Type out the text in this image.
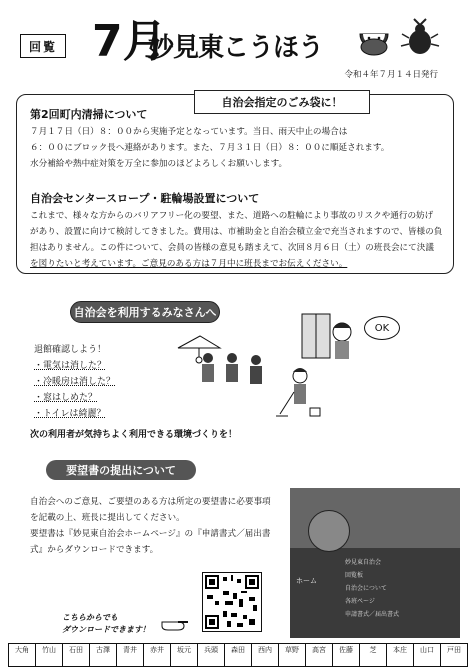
回覧 7月
妙見東こうほう
令和４年７月１４日発行
自治会指定のごみ袋に！
第2回町内清掃について
７月１７日（日）８：００から実施予定となっています。当日、雨天中止の場合は
６：００にブロック長へ連絡があります。また、７月３１日（日）８：００に順延されます。
水分補給や熱中症対策を万全に参加のほどよろしくお願いします。
自治会センタースロープ・駐輪場設置について
これまで、様々な方からのバリアフリー化の要望、また、道路への駐輪により事故のリスクや通行の妨げ
があり、設置に向けて検討してきました。費用は、市補助金と自治会積立金で充当されますので、皆様の負
担はありません。この件について、会員の皆様の意見も踏まえて、次回８月６日（土）の班長会にて決議
を図りたいと考えています。ご意見のある方は７月中に班長までお伝えください。
自治会を利用するみなさんへ
退館確認しよう！
・電気は消した？
・冷暖房は消した？
・窓はしめた？
・トイレは綺麗？
OK
次の利用者が気持ちよく利用できる環境づくりを！
要望書の提出について
自治会へのご意見、ご要望のある方は所定の要望書に必要事項
を記載の上、班長に提出してください。
要望書は『妙見東自治会ホームページ』の『申請書式／届出書
式』からダウンロードできます。
ホーム
妙見東自治会
回覧板
自治会について
各班ページ
申請書式／届出書式
こちらからでも
ダウンロードできます！
大角	竹山	石田	古澤	青井	赤井	坂元	兵頭	森田	西内	草野	高宮	佐藤	芝	本庄	山口	戸田
